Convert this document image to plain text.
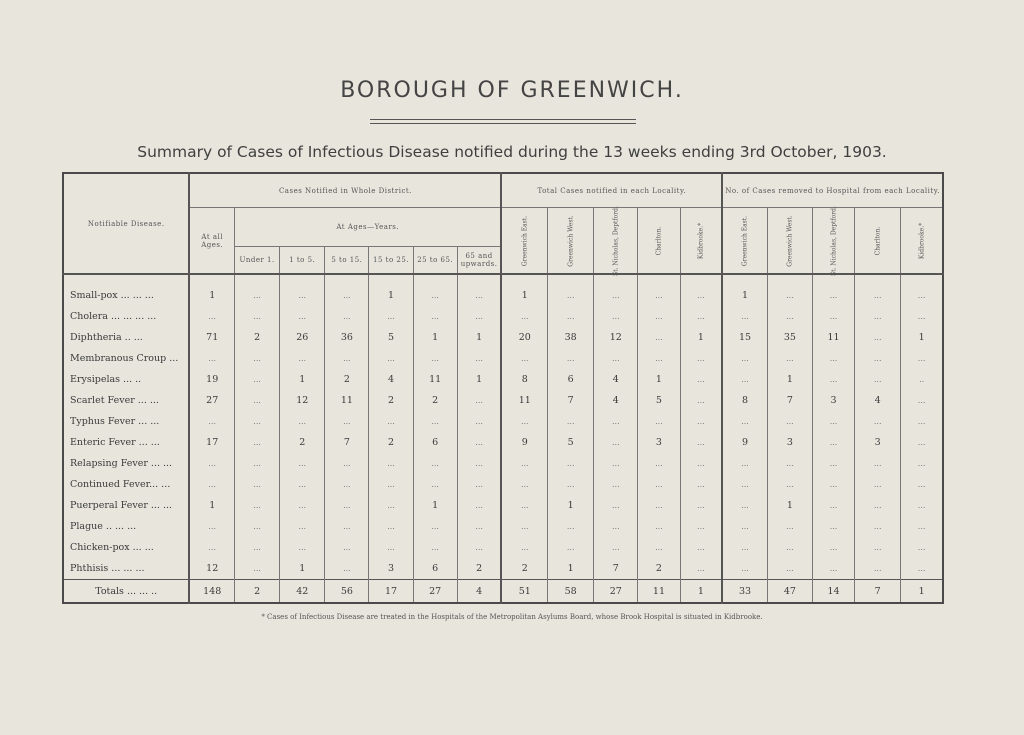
BOROUGH OF GREENWICH.
Summary of Cases of Infectious Disease notified during the 13 weeks ending 3rd October, 1903.
Notifiable Disease.	Cases Notified in Whole District.							Total Cases notified in each Locality.					No. of Cases removed to Hospital from each Locality.				
	At all Ages.	At Ages—Years.						Greenwich East.	Greenwich West.	St. Nicholas, Deptford.	Charlton.	Kidbrooke.*	Greenwich East.	Greenwich West.	St. Nicholas, Deptford.	Charlton.	Kidbrooke.*

		Under 1.	1 to 5.	5 to 15.	15 to 25.	25 to 65.	65 and upwards.										

Small-pox ... ... ...	1	...	...	...	1	...	...	1	...	...	...	...	1	...	...	...	...
Cholera ... ... ... ...	...	...	...	...	...	...	...	...	...	...	...	...	...	...	...	...	...
Diphtheria .. ...	71	2	26	36	5	1	1	20	38	12	...	1	15	35	11	...	1
Membranous Croup ...	...	...	...	...	...	...	...	...	...	...	...	...	...	...	...	...	...
Erysipelas ... ..	19	...	1	2	4	11	1	8	6	4	1	...	...	1	...	...	..
Scarlet Fever ... ...	27	...	12	11	2	2	...	11	7	4	5	...	8	7	3	4	...
Typhus Fever ... ...	...	...	...	...	...	...	...	...	...	...	...	...	...	...	...	...	...
Enteric Fever ... ...	17	...	2	7	2	6	...	9	5	...	3	...	9	3	...	3	...
Relapsing Fever ... ...	...	...	...	...	...	...	...	...	...	...	...	...	...	...	...	...	...
Continued Fever... ...	...	...	...	...	...	...	...	...	...	...	...	...	...	...	...	...	...
Puerperal Fever ... ...	1	...	...	...	...	1	...	...	1	...	...	...	...	1	...	...	...
Plague .. ... ...	...	...	...	...	...	...	...	...	...	...	...	...	...	...	...	...	...
Chicken-pox ... ...	...	...	...	...	...	...	...	...	...	...	...	...	...	...	...	...	...
Phthisis ... ... ...	12	...	1	...	3	6	2	2	1	7	2	...	...	...	...	...	...
Totals ... ... ..	148	2	42	56	17	27	4	51	58	27	11	1	33	47	14	7	1
* Cases of Infectious Disease are treated in the Hospitals of the Metropolitan Asylums Board, whose Brook Hospital is situated in Kidbrooke.
